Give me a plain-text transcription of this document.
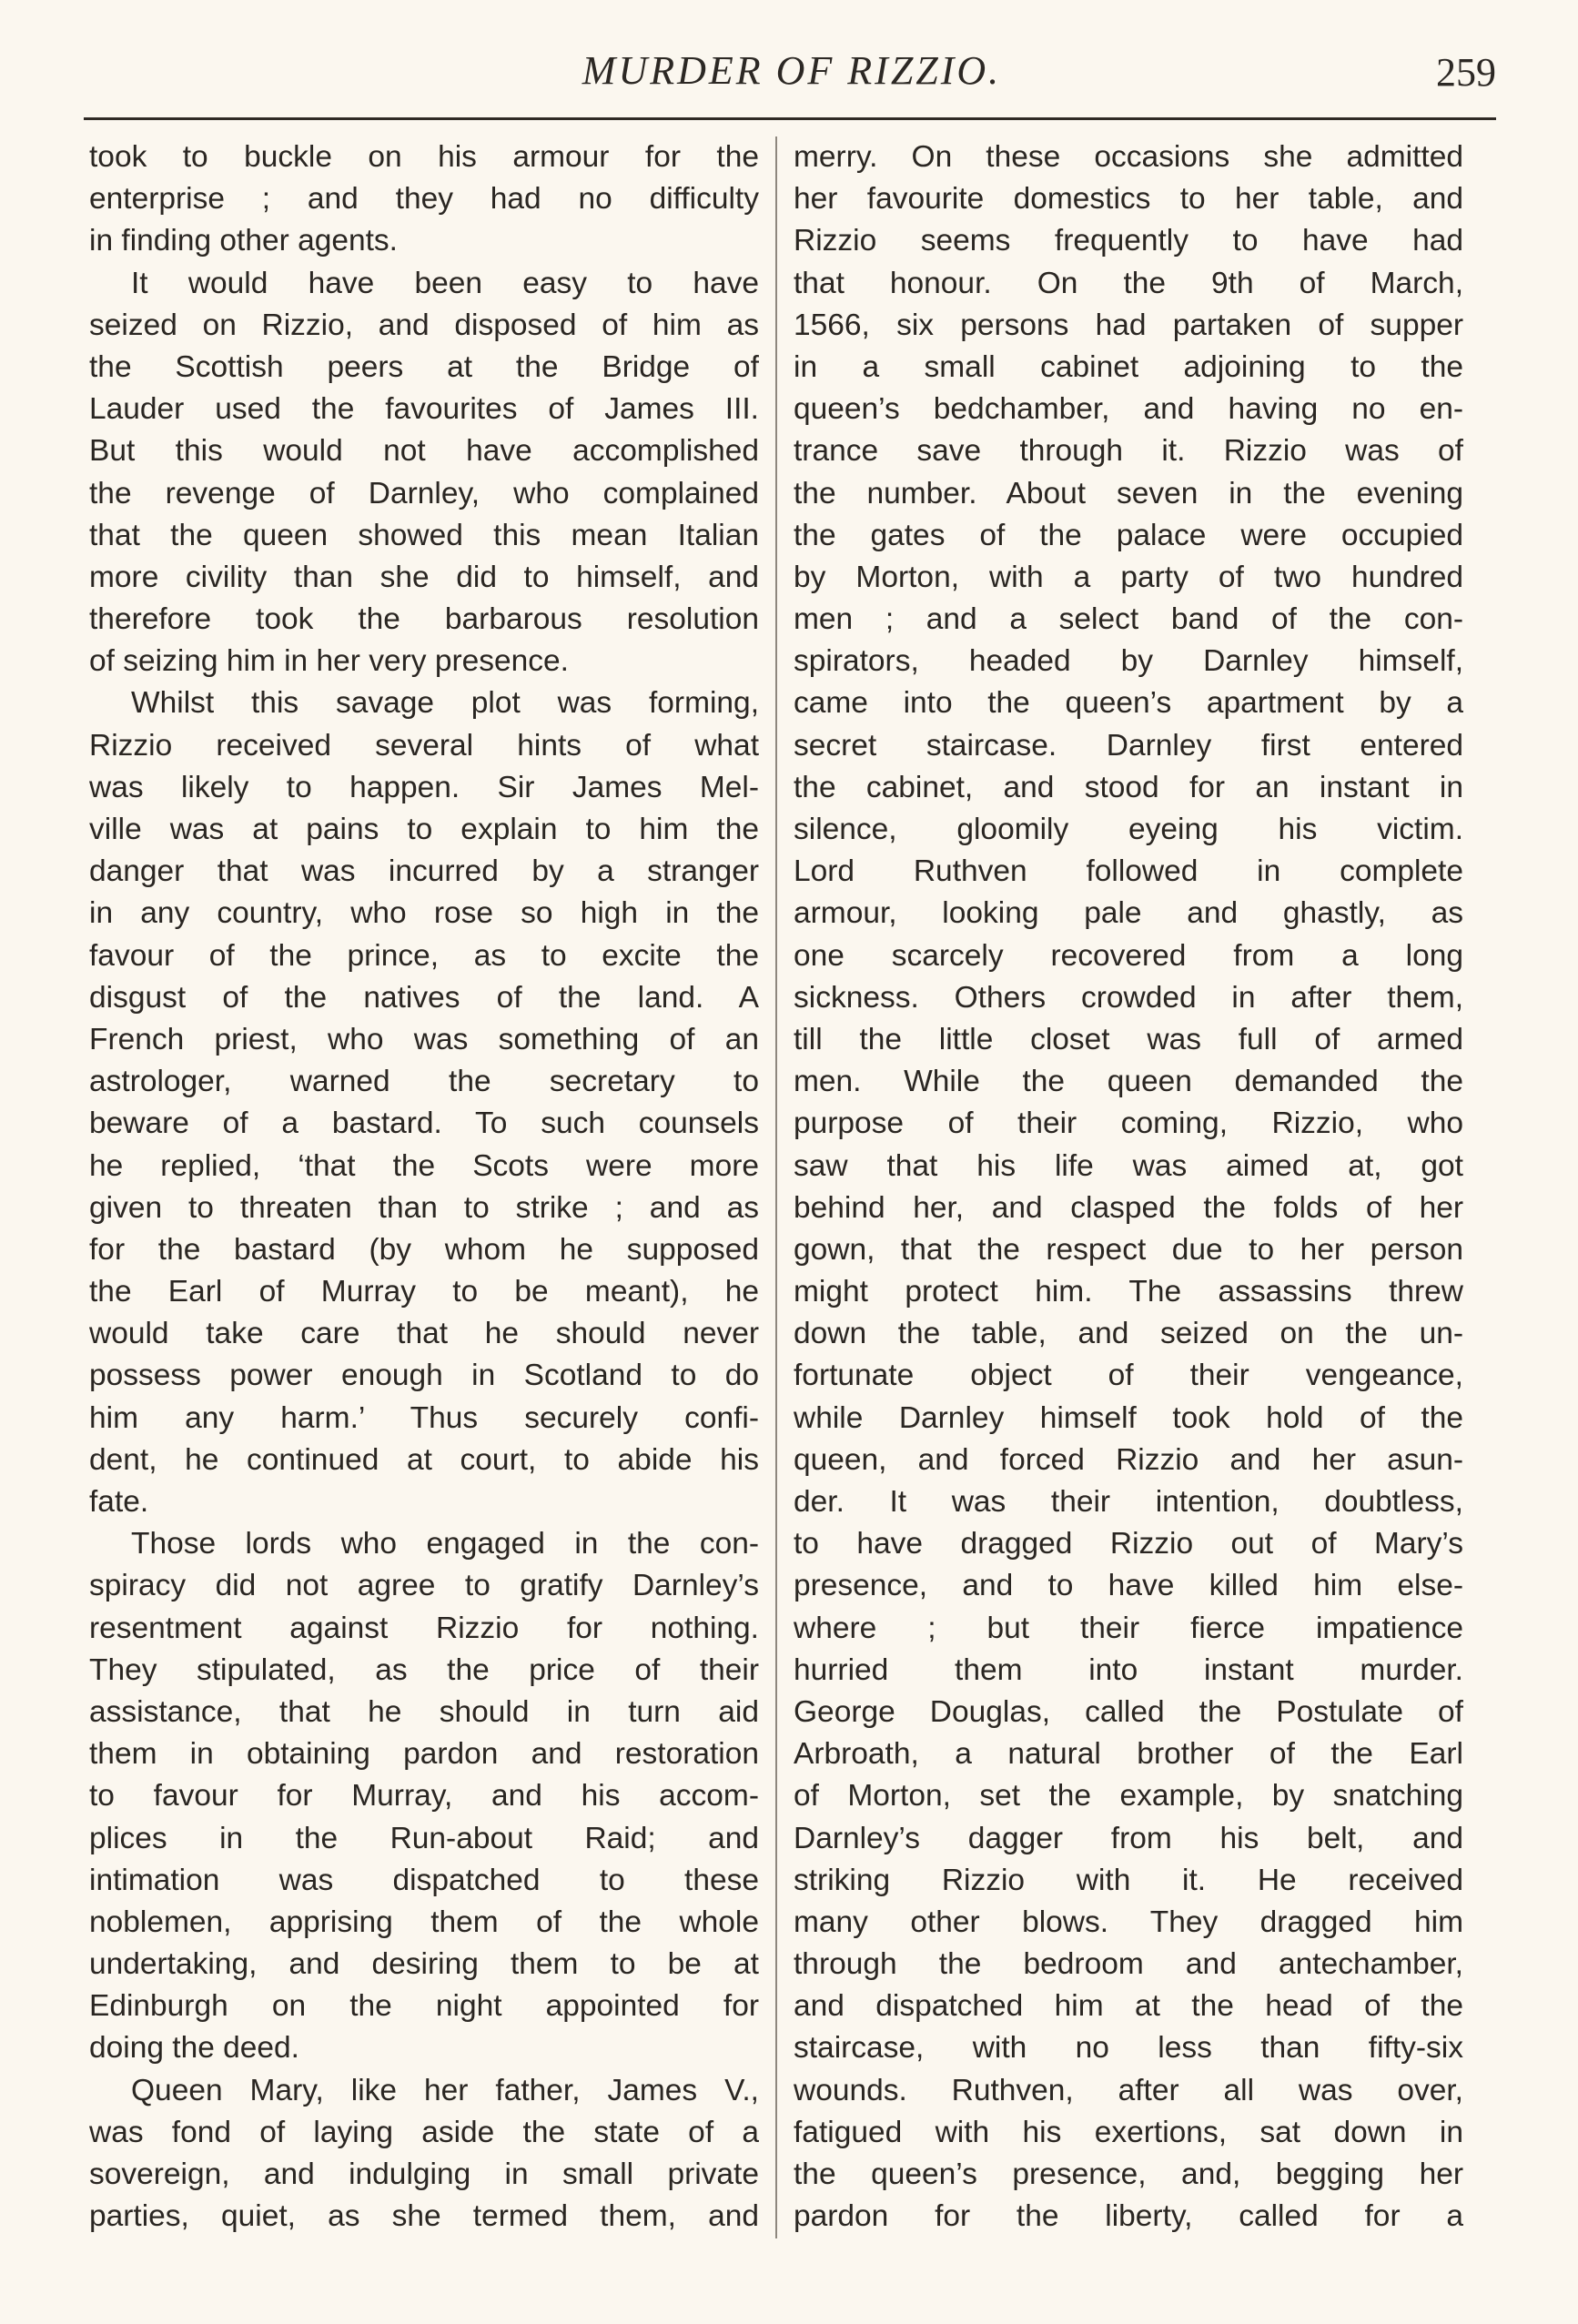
MURDER OF RIZZIO.	259
took to buckle on his armour for the
enterprise ; and they had no difficulty
in finding other agents.
It would have been easy to have
seized on Rizzio, and disposed of him as
the Scottish peers at the Bridge of
Lauder used the favourites of James III.
But this would not have accomplished
the revenge of Darnley, who complained
that the queen showed this mean Italian
more civility than she did to himself, and
therefore took the barbarous resolution
of seizing him in her very presence.
Whilst this savage plot was forming,
Rizzio received several hints of what
was likely to happen. Sir James Mel-
ville was at pains to explain to him the
danger that was incurred by a stranger
in any country, who rose so high in the
favour of the prince, as to excite the
disgust of the natives of the land. A
French priest, who was something of an
astrologer, warned the secretary to
beware of a bastard. To such counsels
he replied, ‘that the Scots were more
given to threaten than to strike ; and as
for the bastard (by whom he supposed
the Earl of Murray to be meant), he
would take care that he should never
possess power enough in Scotland to do
him any harm.’ Thus securely confi-
dent, he continued at court, to abide his
fate.
Those lords who engaged in the con-
spiracy did not agree to gratify Darnley’s
resentment against Rizzio for nothing.
They stipulated, as the price of their
assistance, that he should in turn aid
them in obtaining pardon and restoration
to favour for Murray, and his accom-
plices in the Run-about Raid; and
intimation was dispatched to these
noblemen, apprising them of the whole
undertaking, and desiring them to be at
Edinburgh on the night appointed for
doing the deed.
Queen Mary, like her father, James V.,
was fond of laying aside the state of a
sovereign, and indulging in small private
parties, quiet, as she termed them, and
merry. On these occasions she admitted
her favourite domestics to her table, and
Rizzio seems frequently to have had
that honour. On the 9th of March,
1566, six persons had partaken of supper
in a small cabinet adjoining to the
queen’s bedchamber, and having no en-
trance save through it. Rizzio was of
the number. About seven in the evening
the gates of the palace were occupied
by Morton, with a party of two hundred
men ; and a select band of the con-
spirators, headed by Darnley himself,
came into the queen’s apartment by a
secret staircase. Darnley first entered
the cabinet, and stood for an instant in
silence, gloomily eyeing his victim.
Lord Ruthven followed in complete
armour, looking pale and ghastly, as
one scarcely recovered from a long
sickness. Others crowded in after them,
till the little closet was full of armed
men. While the queen demanded the
purpose of their coming, Rizzio, who
saw that his life was aimed at, got
behind her, and clasped the folds of her
gown, that the respect due to her person
might protect him. The assassins threw
down the table, and seized on the un-
fortunate object of their vengeance,
while Darnley himself took hold of the
queen, and forced Rizzio and her asun-
der. It was their intention, doubtless,
to have dragged Rizzio out of Mary’s
presence, and to have killed him else-
where ; but their fierce impatience
hurried them into instant murder.
George Douglas, called the Postulate of
Arbroath, a natural brother of the Earl
of Morton, set the example, by snatching
Darnley’s dagger from his belt, and
striking Rizzio with it. He received
many other blows. They dragged him
through the bedroom and antechamber,
and dispatched him at the head of the
staircase, with no less than fifty-six
wounds. Ruthven, after all was over,
fatigued with his exertions, sat down in
the queen’s presence, and, begging her
pardon for the liberty, called for a
